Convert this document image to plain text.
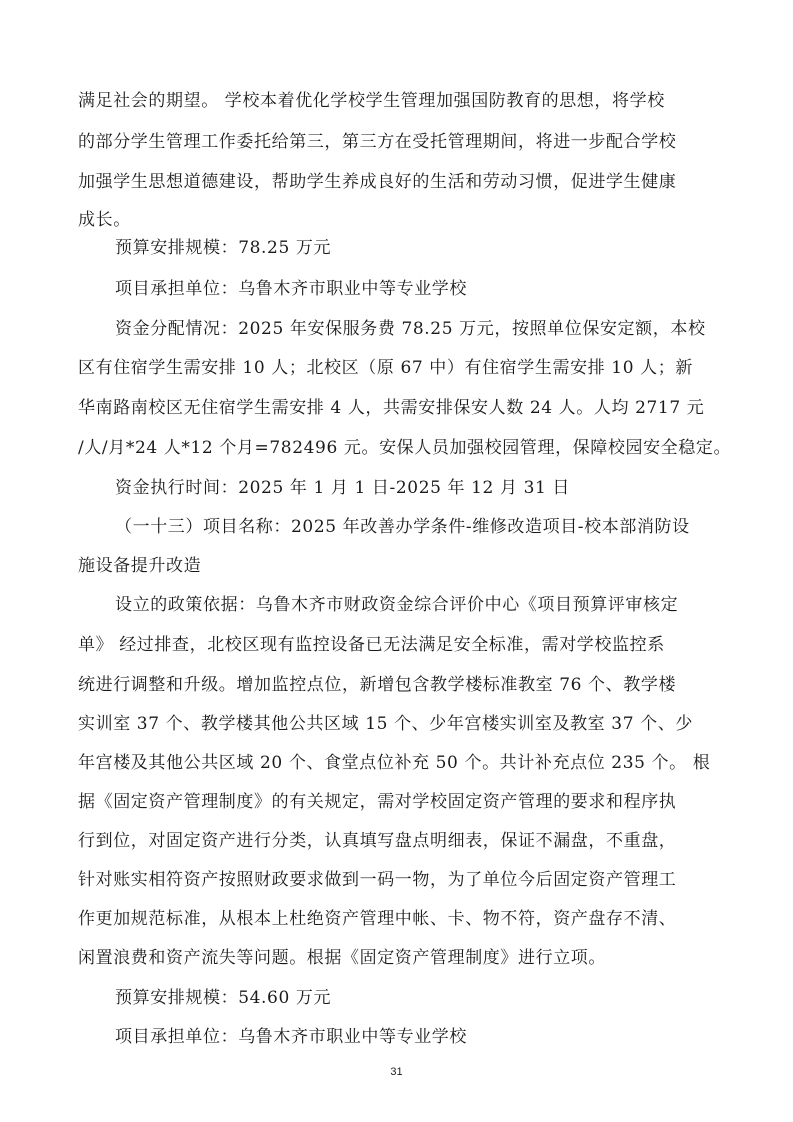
满足社会的期望。 学校本着优化学校学生管理加强国防教育的思想，将学校
的部分学生管理工作委托给第三，第三方在受托管理期间，将进一步配合学校
加强学生思想道德建设，帮助学生养成良好的生活和劳动习惯，促进学生健康
成长。
预算安排规模：78.25 万元
项目承担单位：乌鲁木齐市职业中等专业学校
资金分配情况：2025 年安保服务费 78.25 万元，按照单位保安定额，本校
区有住宿学生需安排 10 人；北校区（原 67 中）有住宿学生需安排 10 人；新
华南路南校区无住宿学生需安排 4 人，共需安排保安人数 24 人。人均 2717 元
/人/月*24 人*12 个月=782496 元。安保人员加强校园管理，保障校园安全稳定。
资金执行时间：2025 年 1 月 1 日-2025 年 12 月 31 日
（一十三）项目名称：2025 年改善办学条件-维修改造项目-校本部消防设
施设备提升改造
设立的政策依据：乌鲁木齐市财政资金综合评价中心《项目预算评审核定
单》 经过排查，北校区现有监控设备已无法满足安全标准，需对学校监控系
统进行调整和升级。增加监控点位，新增包含教学楼标准教室 76 个、教学楼
实训室 37 个、教学楼其他公共区域 15 个、少年宫楼实训室及教室 37 个、少
年宫楼及其他公共区域 20 个、食堂点位补充 50 个。共计补充点位 235 个。 根
据《固定资产管理制度》的有关规定，需对学校固定资产管理的要求和程序执
行到位，对固定资产进行分类，认真填写盘点明细表，保证不漏盘，不重盘，
针对账实相符资产按照财政要求做到一码一物，为了单位今后固定资产管理工
作更加规范标准，从根本上杜绝资产管理中帐、卡、物不符，资产盘存不清、
闲置浪费和资产流失等问题。根据《固定资产管理制度》进行立项。
预算安排规模：54.60 万元
项目承担单位：乌鲁木齐市职业中等专业学校
31
